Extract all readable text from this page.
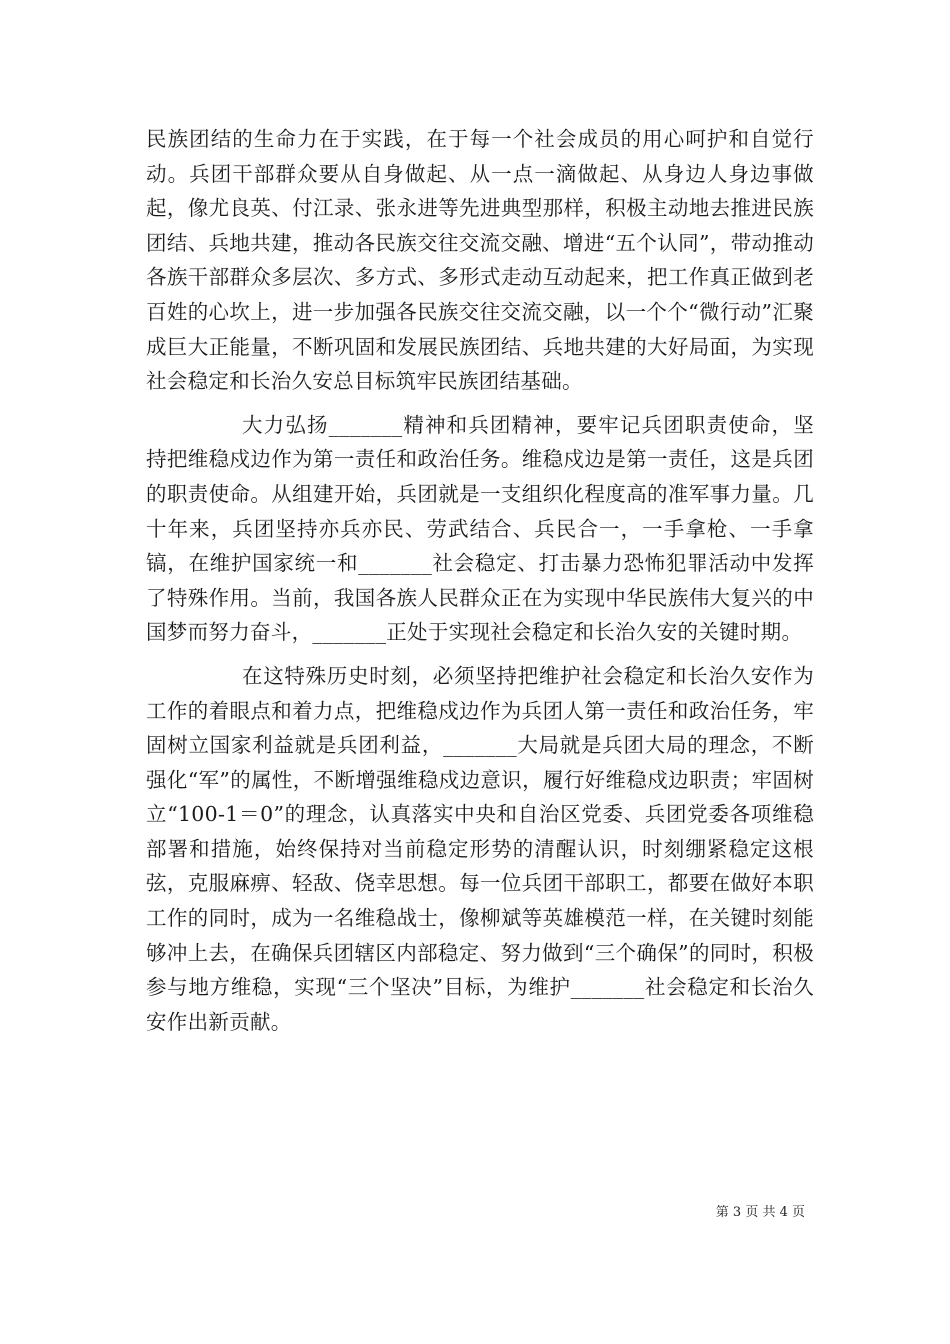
民族团结的生命力在于实践，在于每一个社会成员的用心呵护和自觉行动。兵团干部群众要从自身做起、从一点一滴做起、从身边人身边事做起，像尤良英、付江录、张永进等先进典型那样，积极主动地去推进民族团结、兵地共建，推动各民族交往交流交融、增进“五个认同”，带动推动各族干部群众多层次、多方式、多形式走动互动起来，把工作真正做到老百姓的心坎上，进一步加强各民族交往交流交融，以一个个“微行动”汇聚成巨大正能量，不断巩固和发展民族团结、兵地共建的大好局面，为实现社会稳定和长治久安总目标筑牢民族团结基础。

大力弘扬_______精神和兵团精神，要牢记兵团职责使命，坚持把维稳戍边作为第一责任和政治任务。维稳戍边是第一责任，这是兵团的职责使命。从组建开始，兵团就是一支组织化程度高的准军事力量。几十年来，兵团坚持亦兵亦民、劳武结合、兵民合一，一手拿枪、一手拿镐，在维护国家统一和_______社会稳定、打击暴力恐怖犯罪活动中发挥了特殊作用。当前，我国各族人民群众正在为实现中华民族伟大复兴的中国梦而努力奋斗，_______正处于实现社会稳定和长治久安的关键时期。

在这特殊历史时刻，必须坚持把维护社会稳定和长治久安作为工作的着眼点和着力点，把维稳戍边作为兵团人第一责任和政治任务，牢固树立国家利益就是兵团利益，_______大局就是兵团大局的理念，不断强化“军”的属性，不断增强维稳戍边意识，履行好维稳戍边职责；牢固树立“100-1＝0”的理念，认真落实中央和自治区党委、兵团党委各项维稳部署和措施，始终保持对当前稳定形势的清醒认识，时刻绷紧稳定这根弦，克服麻痹、轻敌、侥幸思想。每一位兵团干部职工，都要在做好本职工作的同时，成为一名维稳战士，像柳斌等英雄模范一样，在关键时刻能够冲上去，在确保兵团辖区内部稳定、努力做到“三个确保”的同时，积极参与地方维稳，实现“三个坚决”目标，为维护_______社会稳定和长治久安作出新贡献。

第 3 页 共 4 页
